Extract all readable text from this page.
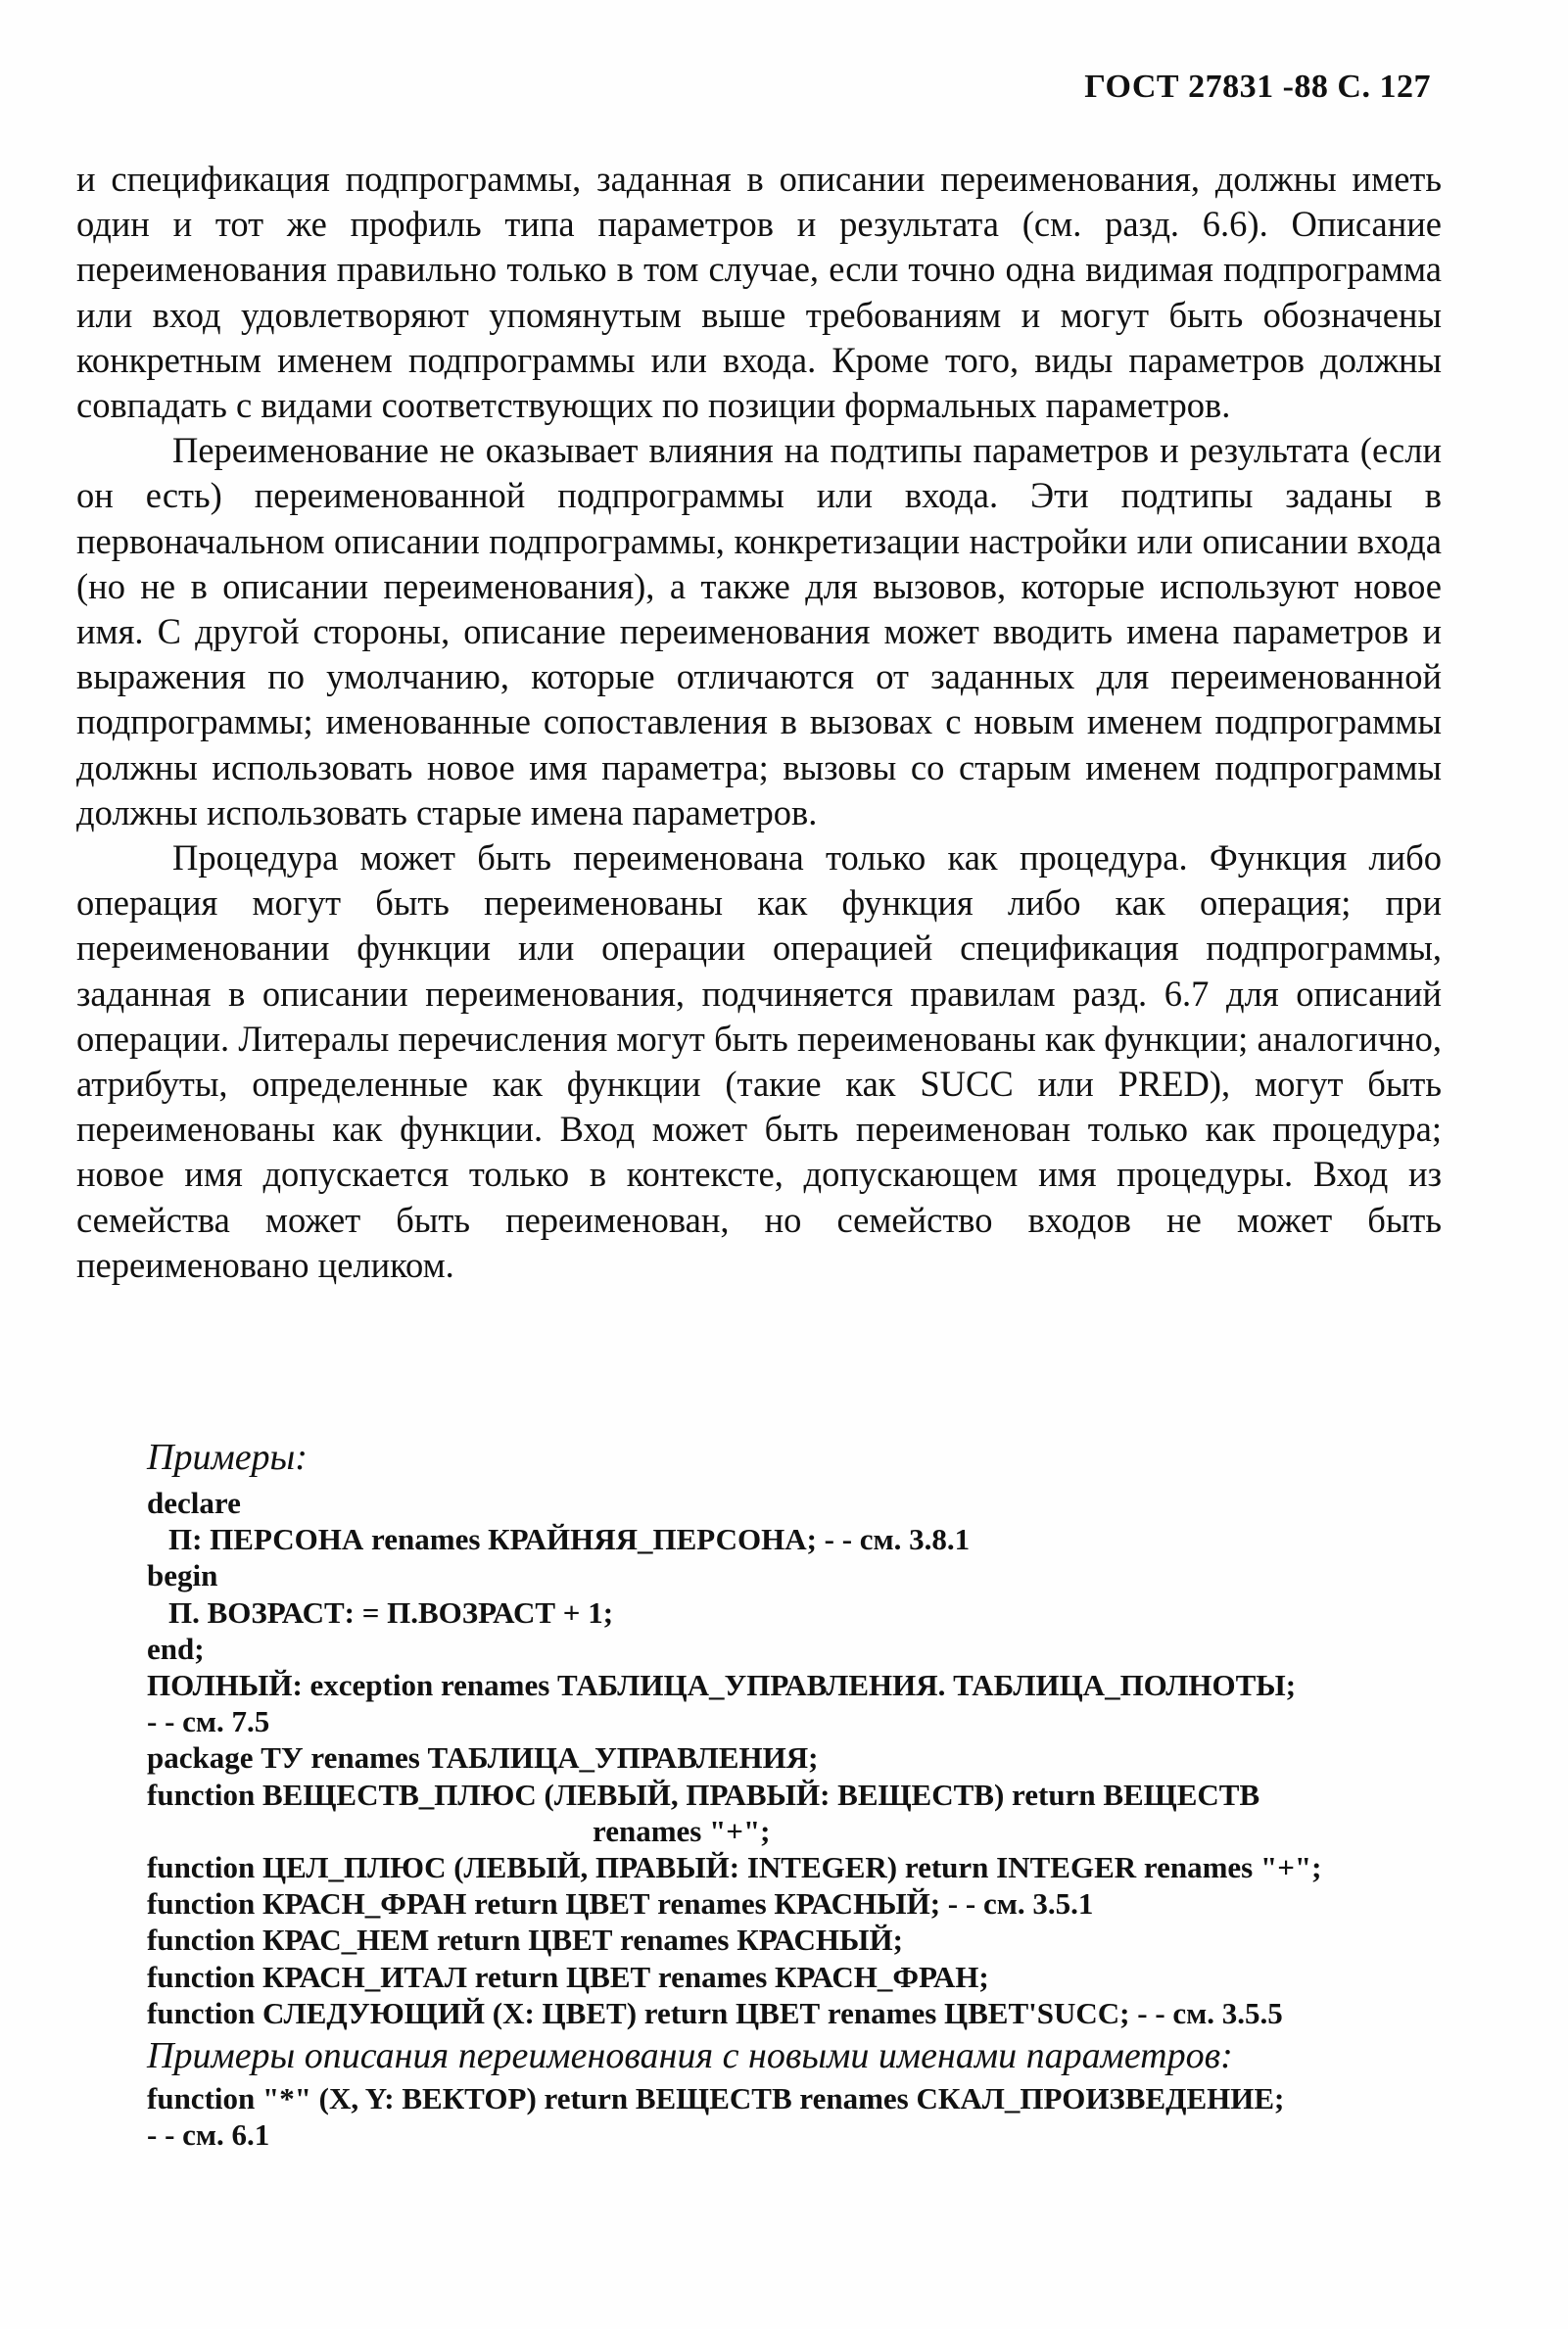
ГОСТ 27831 -88 С. 127

и спецификация подпрограммы, заданная в описании переименования, должны иметь один и тот же профиль типа параметров и результата (см. разд. 6.6). Описание переименования правильно только в том случае, если точно одна видимая подпрограмма или вход удовлетворяют упомянутым выше требованиям и могут быть обозначены конкретным именем подпрограммы или входа. Кроме того, виды параметров должны совпадать с видами соответствующих по позиции формальных параметров.

Переименование не оказывает влияния на подтипы параметров и результата (если он есть) переименованной подпрограммы или входа. Эти подтипы заданы в первоначальном описании подпрограммы, конкретизации настройки или описании входа (но не в описании переименования), а также для вызовов, которые используют новое имя. С другой стороны, описание переименования может вводить имена параметров и выражения по умолчанию, которые отличаются от заданных для переименованной подпрограммы; именованные сопоставления в вызовах с новым именем подпрограммы должны использовать новое имя параметра; вызовы со старым именем подпрограммы должны использовать старые имена параметров.

Процедура может быть переименована только как процедура. Функция либо операция могут быть переименованы как функция либо как операция; при переименовании функции или операции операцией спецификация подпрограммы, заданная в описании переименования, подчиняется правилам разд. 6.7 для описаний операции. Литералы перечисления могут быть переименованы как функции; аналогично, атрибуты, определенные как функции (такие как SUCC или PRED), могут быть переименованы как функции. Вход может быть переименован только как процедура; новое имя допускается только в контексте, допускающем имя процедуры. Вход из семейства может быть переименован, но семейство входов не может быть переименовано целиком.

Примеры:

declare
П: ПЕРСОНА renames КРАЙНЯЯ_ПЕРСОНА; - - см. 3.8.1
begin
П. ВОЗРАСТ: = П.ВОЗРАСТ + 1;
end;
ПОЛНЫЙ: exception renames ТАБЛИЦА_УПРАВЛЕНИЯ. ТАБЛИЦА_ПОЛНОТЫ;
- - см. 7.5
package ТУ renames ТАБЛИЦА_УПРАВЛЕНИЯ;
function ВЕЩЕСТВ_ПЛЮС (ЛЕВЫЙ, ПРАВЫЙ: ВЕЩЕСТВ) return ВЕЩЕСТВ
renames "+";
function ЦЕЛ_ПЛЮС (ЛЕВЫЙ, ПРАВЫЙ: INTEGER) return INTEGER renames "+";
function КРАСН_ФРАН return ЦВЕТ renames КРАСНЫЙ; - - см. 3.5.1
function КРАС_НЕМ return ЦВЕТ renames КРАСНЫЙ;
function КРАСН_ИТАЛ return ЦВЕТ renames КРАСН_ФРАН;
function СЛЕДУЮЩИЙ (X: ЦВЕТ) return ЦВЕТ renames ЦВЕТ'SUCC; - - см. 3.5.5

Примеры описания переименования с новыми именами параметров:

function "*" (X, Y: ВЕКТОР) return ВЕЩЕСТВ renames СКАЛ_ПРОИЗВЕДЕНИЕ;
- - см. 6.1
